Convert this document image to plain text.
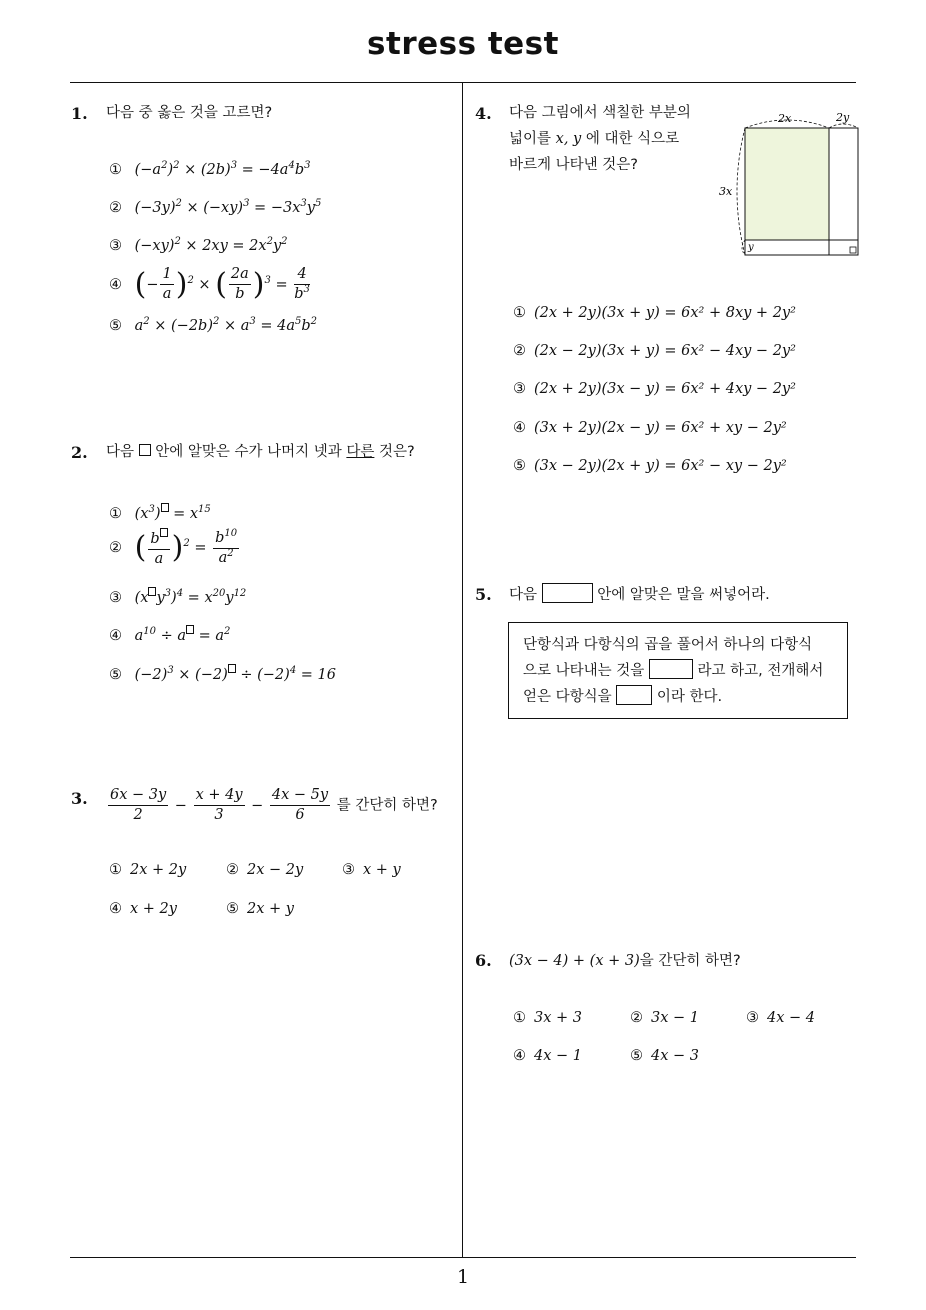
stress test
1
1. 다음 중 옳은 것을 고르면?
① $(-a^2)^2 \times (2b)^3 = -4a^4b^3$
② $(-3y)^2 \times (-xy)^3 = -3x^3y^5$
③ $(-xy)^2 \times 2xy = 2x^2y^2$
④ (− $\frac{1}{a} )^2$ × ( $\frac{2a}{b} )^3 = \frac{4}{b^3}$
⑤ $a^2 \times (-2b)^2 \times a^3 = 4a^5b^2$
2. 다음 안에 알맞은 수가 나머지 넷과 다른 것은?
① $(x^3) = x^{15}$
② ( $\frac{b}{a} )^2 = \frac{b^{10}}{a^2}$
③ (x $y^3)^4 = x^{20}y^{12}$
④ $a^{10} \div a = a^2$
⑤ $(-2)^3 \times (-2) \div (-2)^4 = 16$
3. $\frac{6x - 3y}{2} - \frac{x + 4y}{3} - \frac{4x - 5y}{6}$ 를 간단히 하면?
① 2x + 2y	② 2x − 2y	③ x + y
④ x + 2y	⑤ 2x + y
4. 다음 그림에서 색칠한 부분의
넓이를 x, y 에 대한 식으로
바르게 나타낸 것은?
2x	2y
3x
y
① (2x + 2y)(3x + y) = 6x² + 8xy + 2y²
② (2x − 2y)(3x + y) = 6x² − 4xy − 2y²
③ (2x + 2y)(3x − y) = 6x² + 4xy − 2y²
④ (3x + 2y)(2x − y) = 6x² + xy − 2y²
⑤ (3x − 2y)(2x + y) = 6x² − xy − 2y²
5. 다음	안에 알맞은 말을 써넣어라.
단항식과 다항식의 곱을 풀어서 하나의 다항식
으로 나타내는 것을	라고 하고, 전개해서
얻은 다항식을	이라 한다.
6. (3x − 4) + (x + 3)을 간단히 하면?
① 3x + 3	② 3x − 1	③ 4x − 4
④ 4x − 1	⑤ 4x − 3
